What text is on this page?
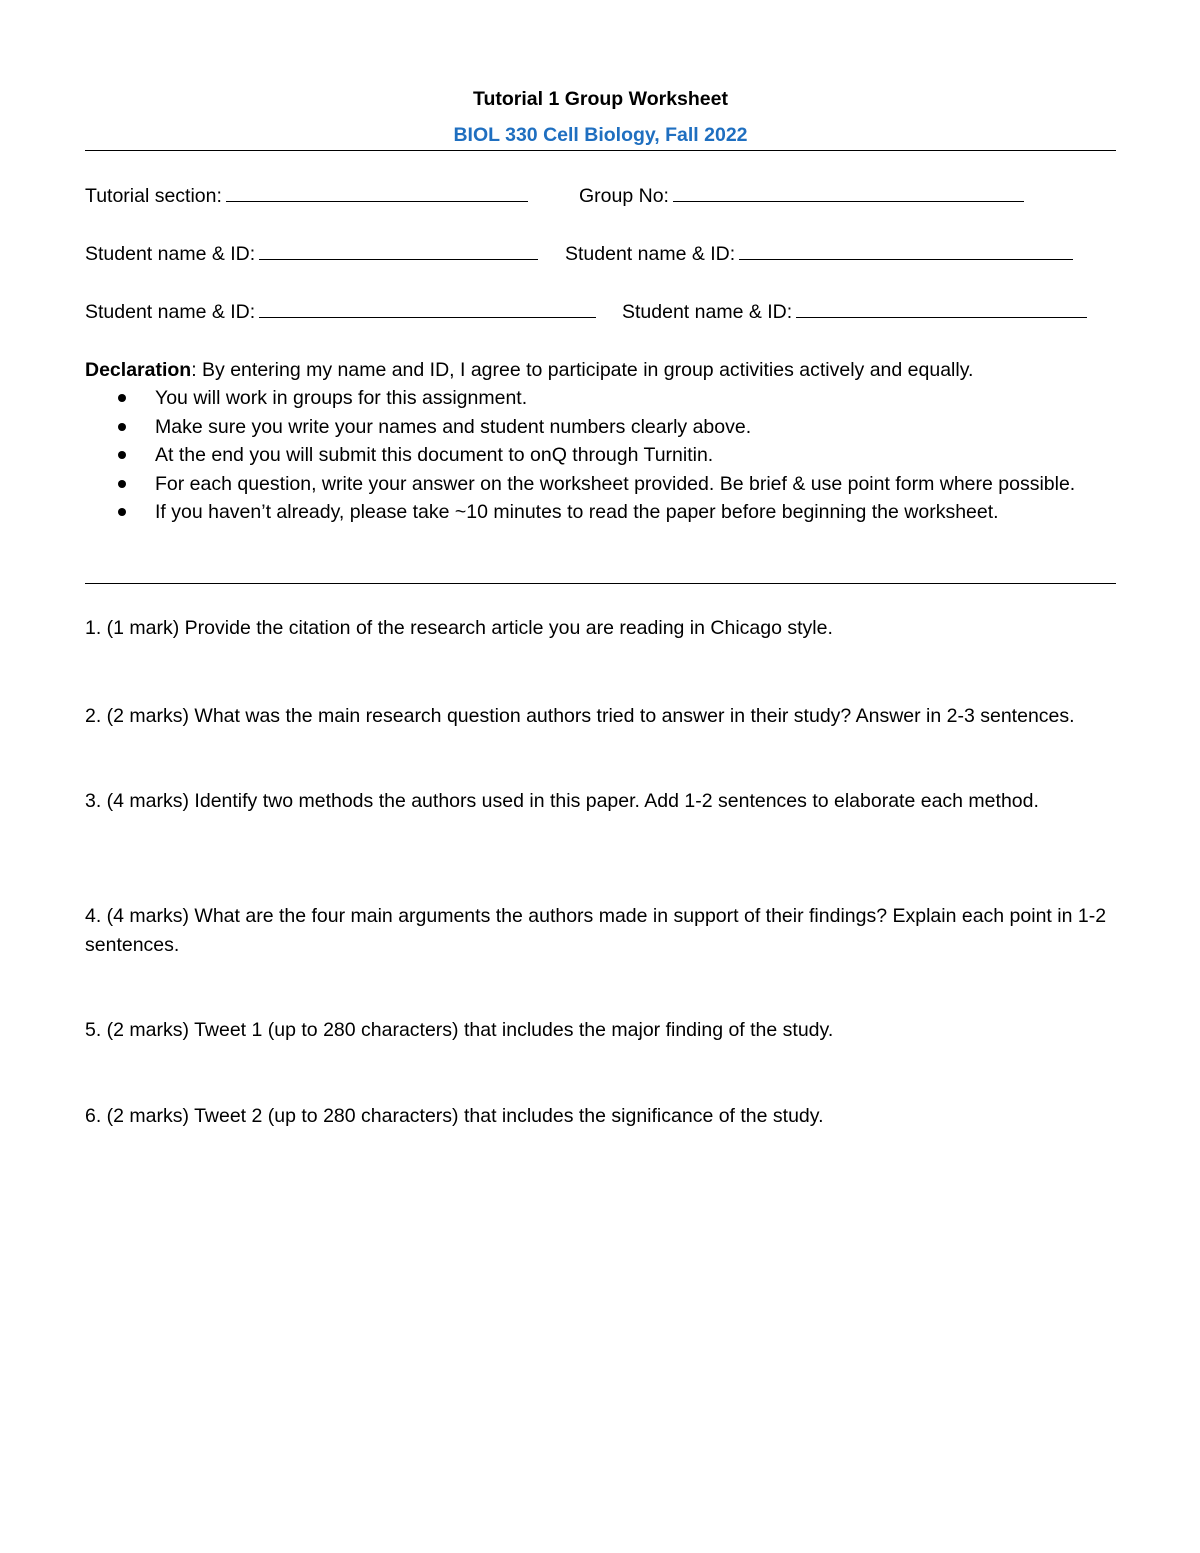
Tutorial 1 Group Worksheet
BIOL 330 Cell Biology, Fall 2022
Tutorial section:	Group No:
Student name & ID:	Student name & ID:
Student name & ID:	Student name & ID:
Declaration: By entering my name and ID, I agree to participate in group activities actively and equally.
You will work in groups for this assignment.
Make sure you write your names and student numbers clearly above.
At the end you will submit this document to onQ through Turnitin.
For each question, write your answer on the worksheet provided. Be brief & use point form where possible.
If you haven’t already, please take ~10 minutes to read the paper before beginning the worksheet.
1. (1 mark) Provide the citation of the research article you are reading in Chicago style.
2. (2 marks) What was the main research question authors tried to answer in their study? Answer in 2-3 sentences.
3. (4 marks) Identify two methods the authors used in this paper. Add 1-2 sentences to elaborate each method.
4. (4 marks) What are the four main arguments the authors made in support of their findings? Explain each point in 1-2 sentences.
5. (2 marks) Tweet 1 (up to 280 characters) that includes the major finding of the study.
6. (2 marks) Tweet 2 (up to 280 characters) that includes the significance of the study.
